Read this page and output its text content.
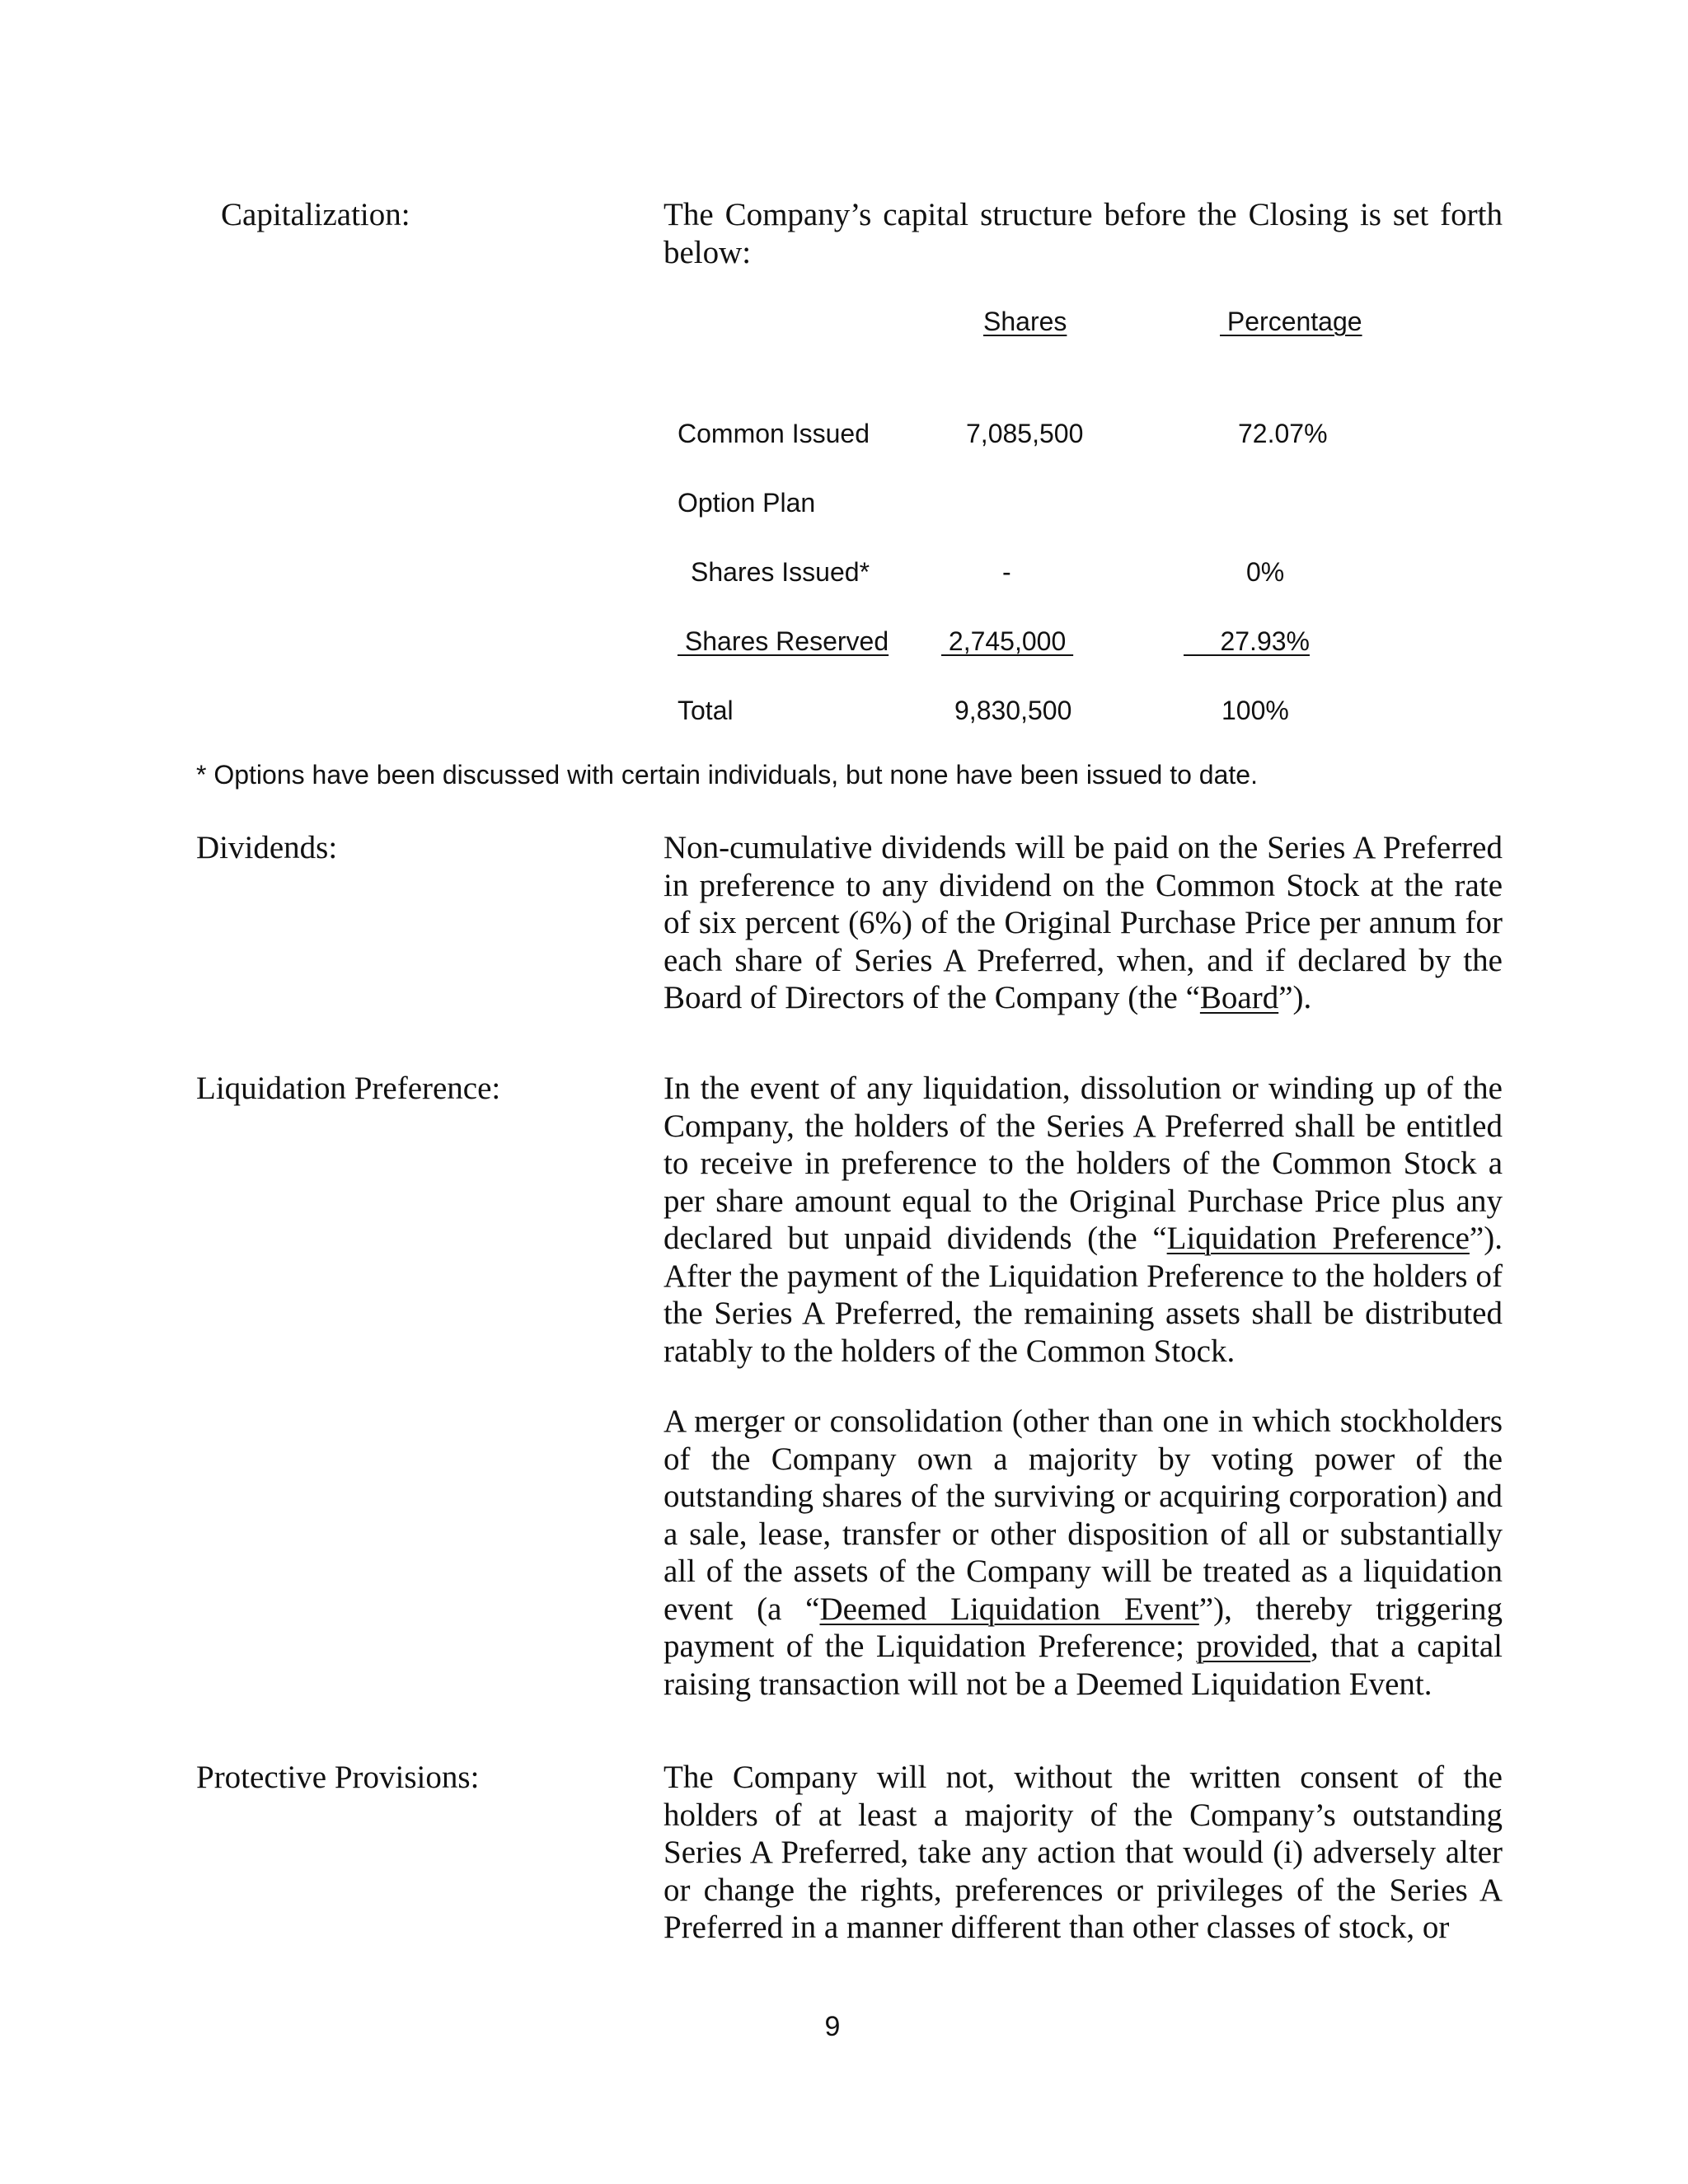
Capitalization:	The Company’s capital structure before the Closing is set forth below:

Shares	Percentage
Common Issued	7,085,500	72.07%
Option Plan
Shares Issued*	-	0%
Shares Reserved 2,745,000	27.93%
Total	9,830,500	100%
* Options have been discussed with certain individuals, but none have been issued to date.
Dividends:	Non-cumulative dividends will be paid on the Series A Preferred in preference to any dividend on the Common Stock at the rate of six percent (6%) of the Original Purchase Price per annum for each share of Series A Preferred, when, and if declared by the Board of Directors of the Company (the “Board”).

Liquidation Preference:	In the event of any liquidation, dissolution or winding up of the Company, the holders of the Series A Preferred shall be entitled to receive in preference to the holders of the Common Stock a per share amount equal to the Original Purchase Price plus any declared but unpaid dividends (the “Liquidation Preference”). After the payment of the Liquidation Preference to the holders of the Series A Preferred, the remaining assets shall be distributed ratably to the holders of the Common Stock.

A merger or consolidation (other than one in which stockholders of the Company own a majority by voting power of the outstanding shares of the surviving or acquiring corporation) and a sale, lease, transfer or other disposition of all or substantially all of the assets of the Company will be treated as a liquidation event (a “Deemed Liquidation Event”), thereby triggering payment of the Liquidation Preference; provided, that a capital raising transaction will not be a Deemed Liquidation Event.

Protective Provisions:	The Company will not, without the written consent of the holders of at least a majority of the Company’s outstanding Series A Preferred, take any action that would (i) adversely alter or change the rights, preferences or privileges of the Series A Preferred in a manner different than other classes of stock, or

9
